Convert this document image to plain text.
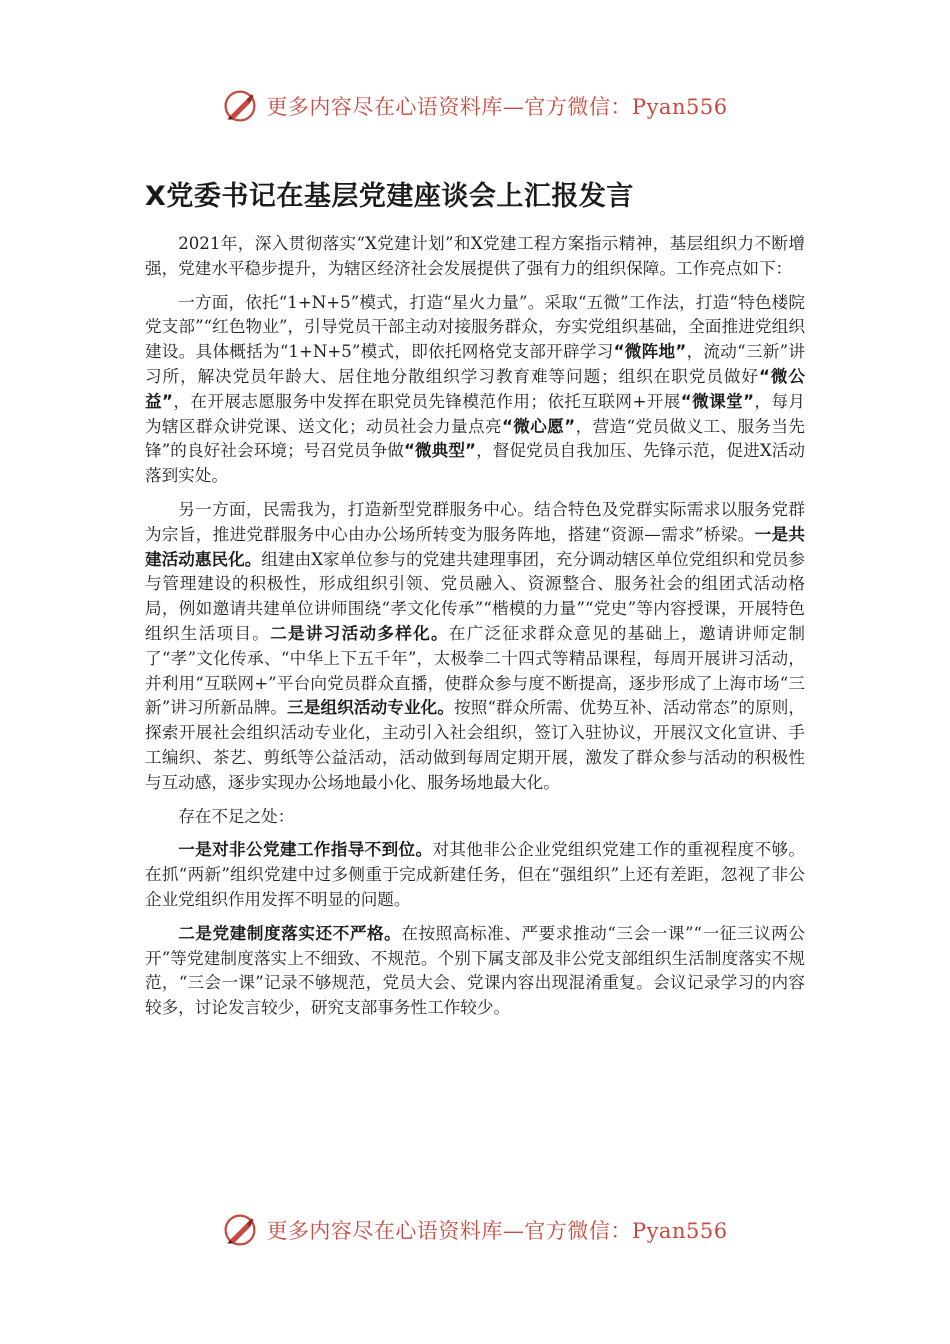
更多内容尽在心语资料库—官方微信：Pyan556
X党委书记在基层党建座谈会上汇报发言

2021年，深入贯彻落实“X党建计划”和X党建工程方案指示精神，基层组织力不断增强，党建水平稳步提升，为辖区经济社会发展提供了强有力的组织保障。工作亮点如下：

一方面，依托“1+N+5”模式，打造“星火力量”。采取“五微”工作法，打造“特色楼院党支部”“红色物业”，引导党员干部主动对接服务群众，夯实党组织基础，全面推进党组织建设。具体概括为“1+N+5”模式，即依托网格党支部开辟学习“微阵地”，流动“三新”讲习所，解决党员年龄大、居住地分散组织学习教育难等问题；组织在职党员做好“微公益”，在开展志愿服务中发挥在职党员先锋模范作用；依托互联网+开展“微课堂”，每月为辖区群众讲党课、送文化；动员社会力量点亮“微心愿”，营造“党员做义工、服务当先锋”的良好社会环境；号召党员争做“微典型”，督促党员自我加压、先锋示范，促进X活动落到实处。

另一方面，民需我为，打造新型党群服务中心。结合特色及党群实际需求以服务党群为宗旨，推进党群服务中心由办公场所转变为服务阵地，搭建“资源—需求”桥梁。一是共建活动惠民化。组建由X家单位参与的党建共建理事团，充分调动辖区单位党组织和党员参与管理建设的积极性，形成组织引领、党员融入、资源整合、服务社会的组团式活动格局，例如邀请共建单位讲师围绕“孝文化传承”“楷模的力量”“党史”等内容授课，开展特色组织生活项目。二是讲习活动多样化。在广泛征求群众意见的基础上，邀请讲师定制了“孝”文化传承、“中华上下五千年”，太极拳二十四式等精品课程，每周开展讲习活动，并利用“互联网+”平台向党员群众直播，使群众参与度不断提高，逐步形成了上海市场“三新”讲习所新品牌。三是组织活动专业化。按照“群众所需、优势互补、活动常态”的原则，探索开展社会组织活动专业化，主动引入社会组织，签订入驻协议，开展汉文化宣讲、手工编织、茶艺、剪纸等公益活动，活动做到每周定期开展，激发了群众参与活动的积极性与互动感，逐步实现办公场地最小化、服务场地最大化。

存在不足之处：

一是对非公党建工作指导不到位。对其他非公企业党组织党建工作的重视程度不够。在抓“两新”组织党建中过多侧重于完成新建任务，但在“强组织”上还有差距，忽视了非公企业党组织作用发挥不明显的问题。

二是党建制度落实还不严格。在按照高标准、严要求推动“三会一课”“一征三议两公开”等党建制度落实上不细致、不规范。个别下属支部及非公党支部组织生活制度落实不规范，“三会一课”记录不够规范，党员大会、党课内容出现混淆重复。会议记录学习的内容较多，讨论发言较少，研究支部事务性工作较少。

更多内容尽在心语资料库—官方微信：Pyan556
